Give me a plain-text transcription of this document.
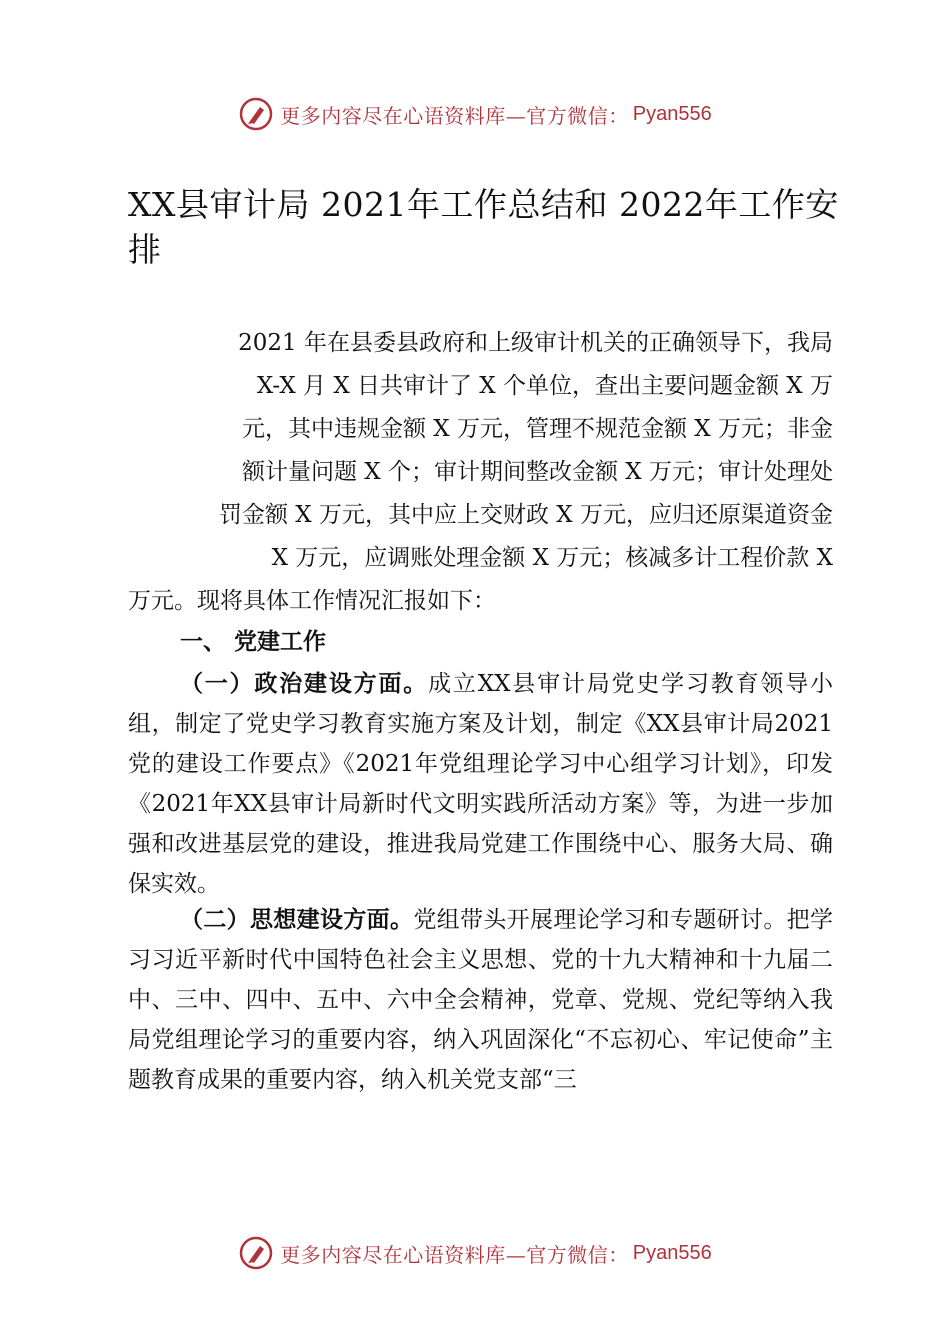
更多内容尽在心语资料库—官方微信： Pyan556
XX县审计局 2021年工作总结和 2022年工作安排
2021 年在县委县政府和上级审计机关的正确领导下，我局
X-X 月 X 日共审计了 X 个单位，查出主要问题金额 X 万
元，其中违规金额 X 万元，管理不规范金额 X 万元；非金
额计量问题 X 个；审计期间整改金额 X 万元；审计处理处
罚金额 X 万元，其中应上交财政 X 万元，应归还原渠道资金
X 万元，应调账处理金额 X 万元；核减多计工程价款 X
万元。现将具体工作情况汇报如下：
一、 党建工作

（一）政治建设方面。成立XX县审计局党史学习教育领导小组，制定了党史学习教育实施方案及计划，制定《XX县审计局2021党的建设工作要点》《2021年党组理论学习中心组学习计划》，印发《2021年XX县审计局新时代文明实践所活动方案》等，为进一步加强和改进基层党的建设，推进我局党建工作围绕中心、服务大局、确保实效。

（二）思想建设方面。党组带头开展理论学习和专题研讨。把学习习近平新时代中国特色社会主义思想、党的十九大精神和十九届二中、三中、四中、五中、六中全会精神，党章、党规、党纪等纳入我局党组理论学习的重要内容，纳入巩固深化“不忘初心、牢记使命”主题教育成果的重要内容，纳入机关党支部“三

更多内容尽在心语资料库—官方微信： Pyan556
